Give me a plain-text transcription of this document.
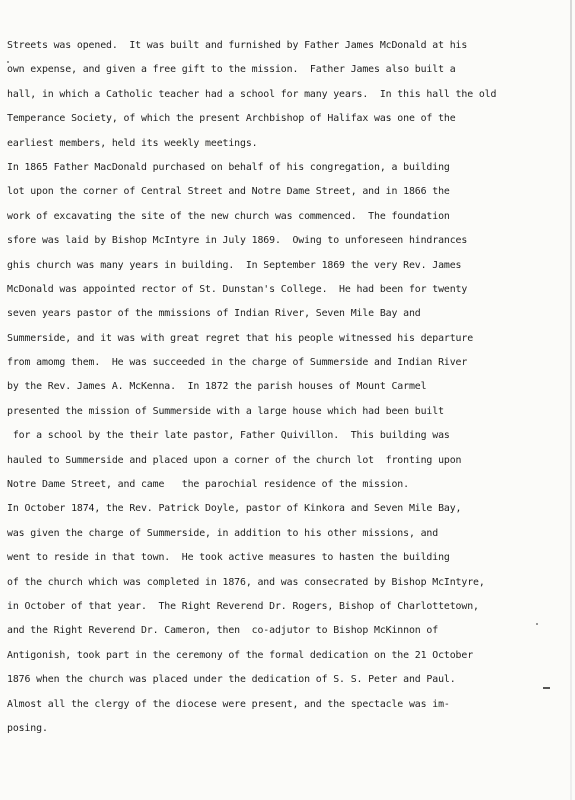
Streets was opened.  It was built and furnished by Father James McDonald at his
own expense, and given a free gift to the mission.  Father James also built a
hall, in which a Catholic teacher had a school for many years.  In this hall the old
Temperance Society, of which the present Archbishop of Halifax was one of the
earliest members, held its weekly meetings.
In 1865 Father MacDonald purchased on behalf of his congregation, a building
lot upon the corner of Central Street and Notre Dame Street, and in 1866 the
work of excavating the site of the new church was commenced.  The foundation
sfore was laid by Bishop McIntyre in July 1869.  Owing to unforeseen hindrances
ghis church was many years in building.  In September 1869 the very Rev. James
McDonald was appointed rector of St. Dunstan's College.  He had been for twenty
seven years pastor of the mmissions of Indian River, Seven Mile Bay and
Summerside, and it was with great regret that his people witnessed his departure
from amomg them.  He was succeeded in the charge of Summerside and Indian River
by the Rev. James A. McKenna.  In 1872 the parish houses of Mount Carmel
presented the mission of Summerside with a large house which had been built
for a school by the their late pastor, Father Quivillon.  This building was
hauled to Summerside and placed upon a corner of the church lot  fronting upon
Notre Dame Street, and came   the parochial residence of the mission.
In October 1874, the Rev. Patrick Doyle, pastor of Kinkora and Seven Mile Bay,
was given the charge of Summerside, in addition to his other missions, and
went to reside in that town.  He took active measures to hasten the building
of the church which was completed in 1876, and was consecrated by Bishop McIntyre,
in October of that year.  The Right Reverend Dr. Rogers, Bishop of Charlottetown,
and the Right Reverend Dr. Cameron, then  co-adjutor to Bishop McKinnon of
Antigonish, took part in the ceremony of the formal dedication on the 21 October
1876 when the church was placed under the dedication of S. S. Peter and Paul.
Almost all the clergy of the diocese were present, and the spectacle was im-
posing.
